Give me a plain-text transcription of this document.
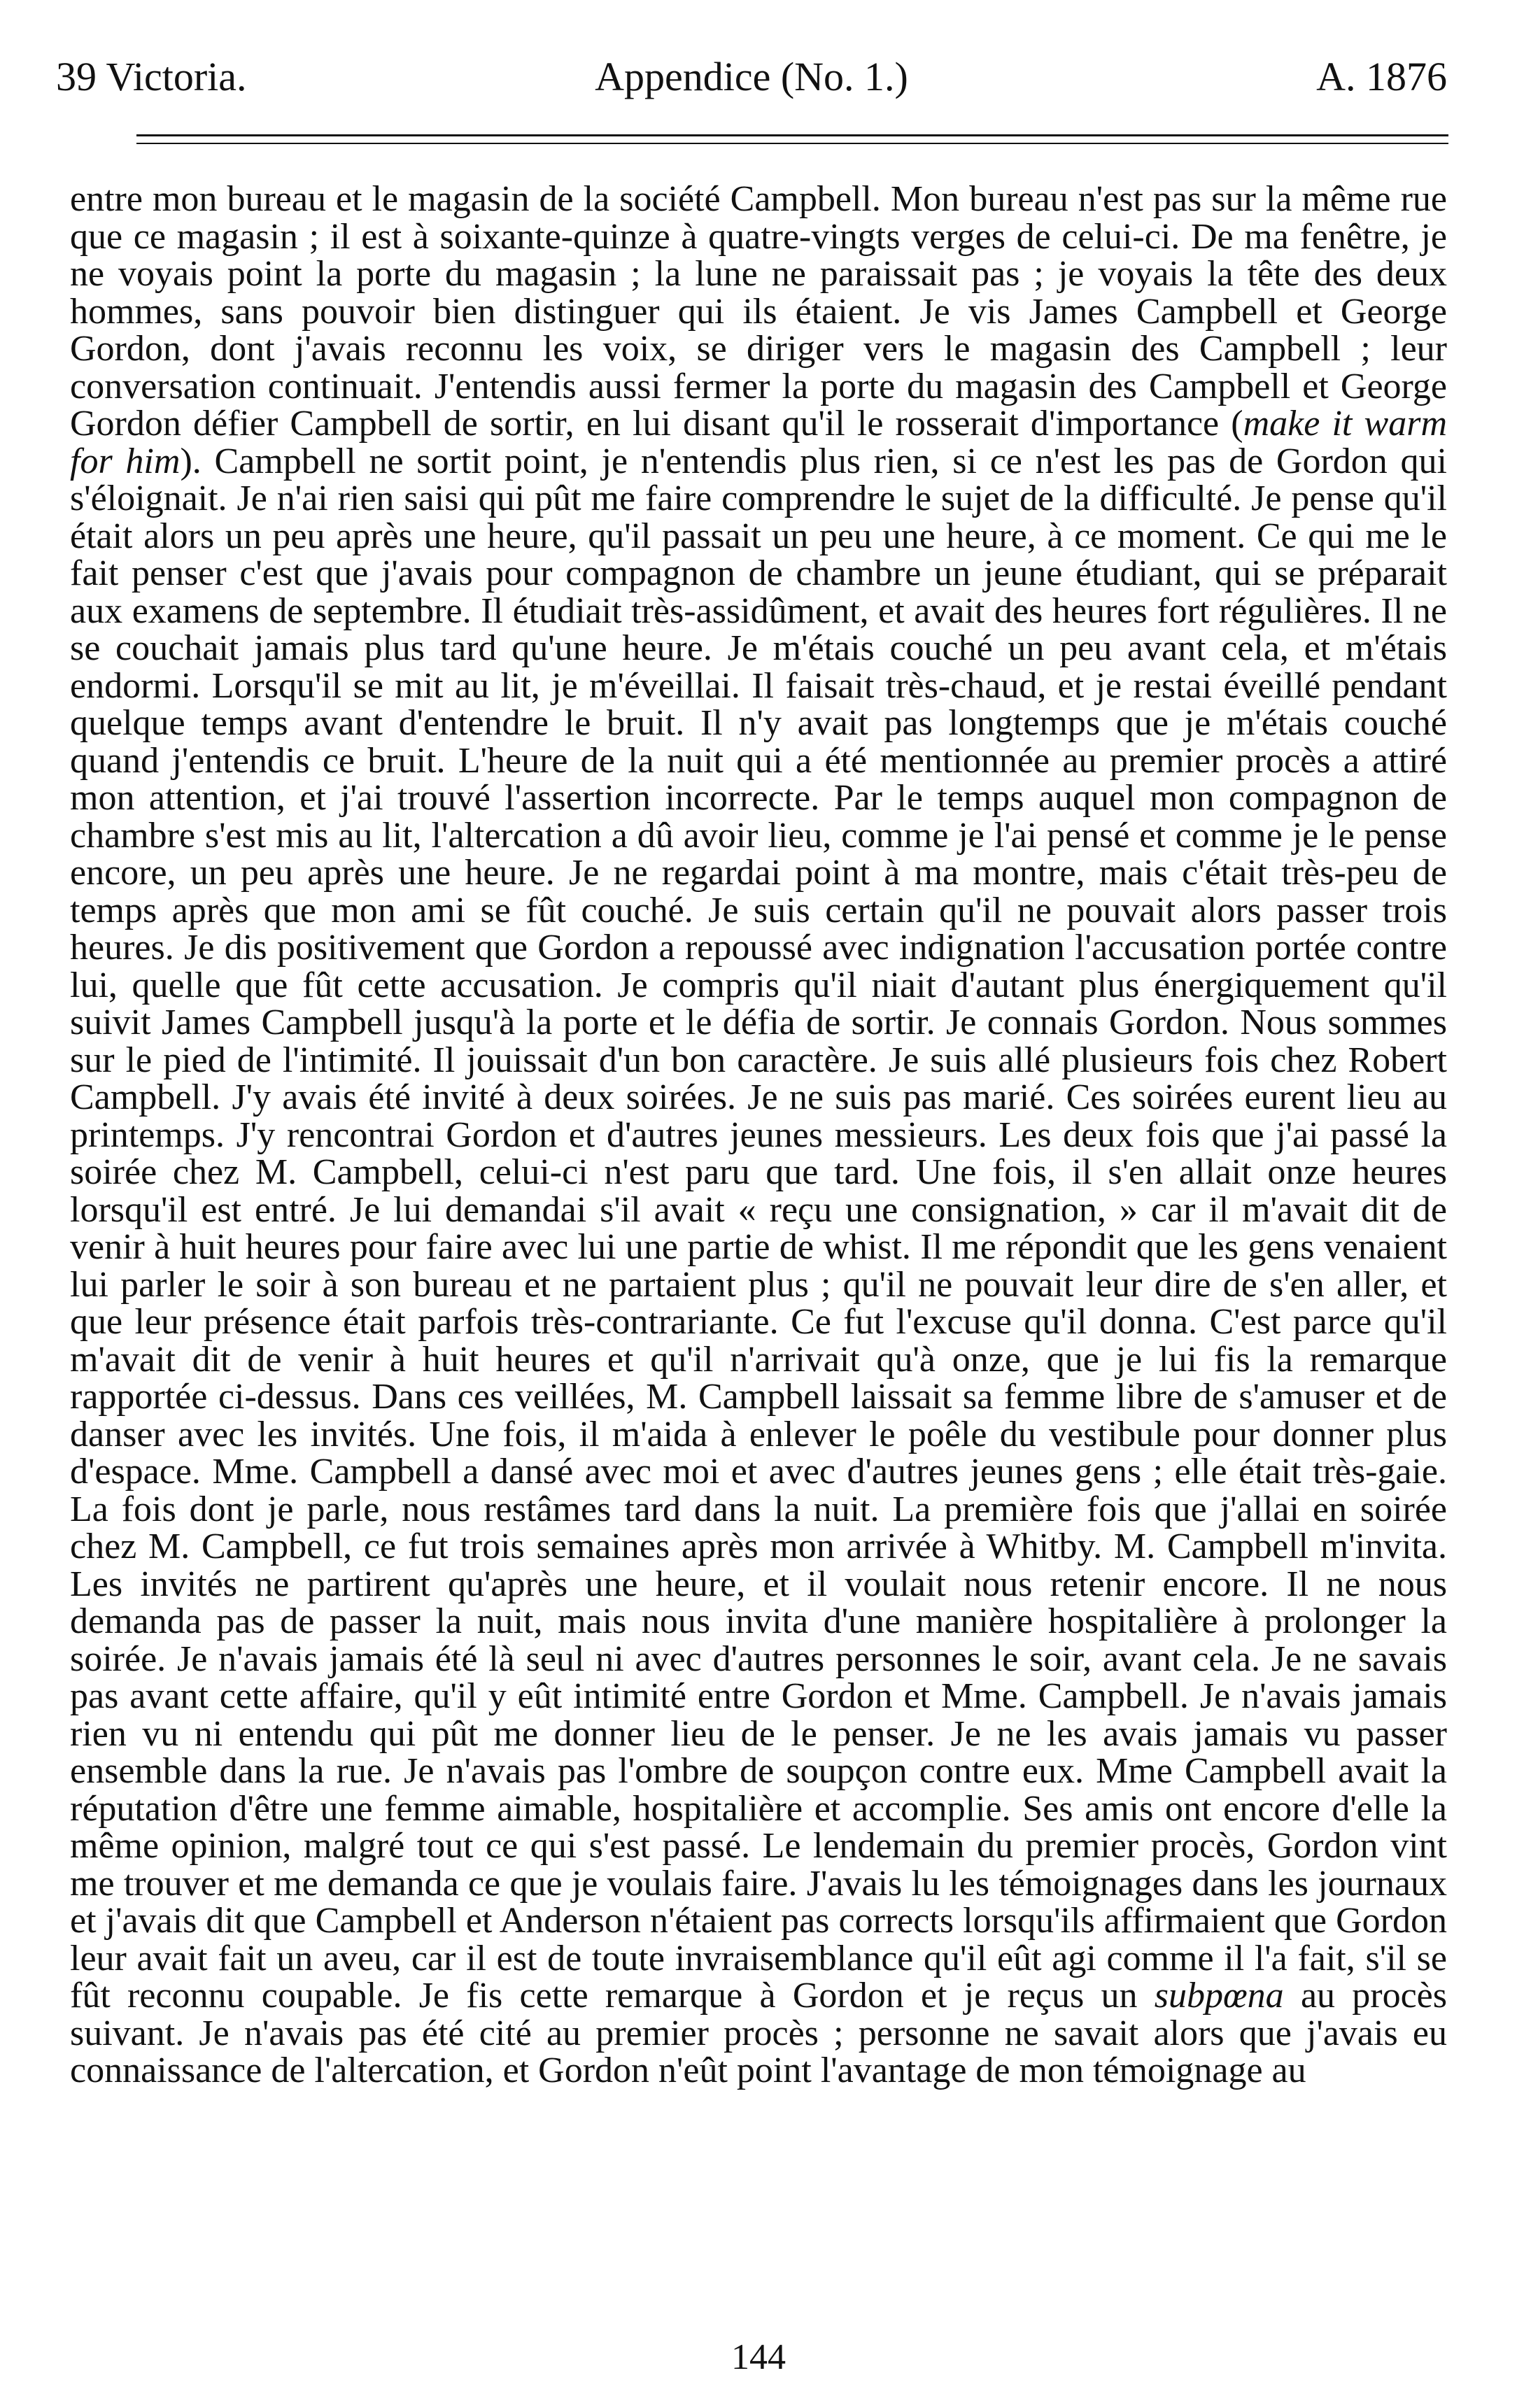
39 Victoria.	Appendice (No. 1.)	A. 1876

entre mon bureau et le magasin de la société Campbell. Mon bureau n'est pas sur la même rue que ce magasin ; il est à soixante-quinze à quatre-vingts verges de celui-ci. De ma fenêtre, je ne voyais point la porte du magasin ; la lune ne paraissait pas ; je voyais la tête des deux hommes, sans pouvoir bien distinguer qui ils étaient. Je vis James Campbell et George Gordon, dont j'avais reconnu les voix, se diriger vers le magasin des Campbell ; leur conversation continuait. J'entendis aussi fermer la porte du magasin des Campbell et George Gordon défier Campbell de sortir, en lui disant qu'il le rosserait d'importance (make it warm for him). Campbell ne sortit point, je n'entendis plus rien, si ce n'est les pas de Gordon qui s'éloignait. Je n'ai rien saisi qui pût me faire comprendre le sujet de la difficulté. Je pense qu'il était alors un peu après une heure, qu'il passait un peu une heure, à ce moment. Ce qui me le fait penser c'est que j'avais pour compagnon de chambre un jeune étudiant, qui se préparait aux examens de septembre. Il étudiait très-assidûment, et avait des heures fort régulières. Il ne se couchait jamais plus tard qu'une heure. Je m'étais couché un peu avant cela, et m'étais endormi. Lorsqu'il se mit au lit, je m'éveillai. Il faisait très-chaud, et je restai éveillé pendant quelque temps avant d'entendre le bruit. Il n'y avait pas longtemps que je m'étais couché quand j'entendis ce bruit. L'heure de la nuit qui a été mentionnée au premier procès a attiré mon attention, et j'ai trouvé l'assertion incorrecte. Par le temps auquel mon compagnon de chambre s'est mis au lit, l'altercation a dû avoir lieu, comme je l'ai pensé et comme je le pense encore, un peu après une heure. Je ne regardai point à ma montre, mais c'était très-peu de temps après que mon ami se fût couché. Je suis certain qu'il ne pouvait alors passer trois heures. Je dis positivement que Gordon a repoussé avec indignation l'accusation portée contre lui, quelle que fût cette accusation. Je compris qu'il niait d'autant plus énergiquement qu'il suivit James Campbell jusqu'à la porte et le défia de sortir. Je connais Gordon. Nous sommes sur le pied de l'intimité. Il jouissait d'un bon caractère. Je suis allé plusieurs fois chez Robert Campbell. J'y avais été invité à deux soirées. Je ne suis pas marié. Ces soirées eurent lieu au printemps. J'y rencontrai Gordon et d'autres jeunes messieurs. Les deux fois que j'ai passé la soirée chez M. Campbell, celui-ci n'est paru que tard. Une fois, il s'en allait onze heures lorsqu'il est entré. Je lui demandai s'il avait « reçu une consignation, » car il m'avait dit de venir à huit heures pour faire avec lui une partie de whist. Il me répondit que les gens venaient lui parler le soir à son bureau et ne partaient plus ; qu'il ne pouvait leur dire de s'en aller, et que leur présence était parfois très-contrariante. Ce fut l'excuse qu'il donna. C'est parce qu'il m'avait dit de venir à huit heures et qu'il n'arrivait qu'à onze, que je lui fis la remarque rapportée ci-dessus. Dans ces veillées, M. Campbell laissait sa femme libre de s'amuser et de danser avec les invités. Une fois, il m'aida à enlever le poêle du vestibule pour donner plus d'espace. Mme. Campbell a dansé avec moi et avec d'autres jeunes gens ; elle était très-gaie. La fois dont je parle, nous restâmes tard dans la nuit. La première fois que j'allai en soirée chez M. Campbell, ce fut trois semaines après mon arrivée à Whitby. M. Campbell m'invita. Les invités ne partirent qu'après une heure, et il voulait nous retenir encore. Il ne nous demanda pas de passer la nuit, mais nous invita d'une manière hospitalière à prolonger la soirée. Je n'avais jamais été là seul ni avec d'autres personnes le soir, avant cela. Je ne savais pas avant cette affaire, qu'il y eût intimité entre Gordon et Mme. Campbell. Je n'avais jamais rien vu ni entendu qui pût me donner lieu de le penser. Je ne les avais jamais vu passer ensemble dans la rue. Je n'avais pas l'ombre de soupçon contre eux. Mme Campbell avait la réputation d'être une femme aimable, hospitalière et accomplie. Ses amis ont encore d'elle la même opinion, malgré tout ce qui s'est passé. Le lendemain du premier procès, Gordon vint me trouver et me demanda ce que je voulais faire. J'avais lu les témoignages dans les journaux et j'avais dit que Campbell et Anderson n'étaient pas corrects lorsqu'ils affirmaient que Gordon leur avait fait un aveu, car il est de toute invraisemblance qu'il eût agi comme il l'a fait, s'il se fût reconnu coupable. Je fis cette remarque à Gordon et je reçus un subpœna au procès suivant. Je n'avais pas été cité au premier procès ; personne ne savait alors que j'avais eu connaissance de l'altercation, et Gordon n'eût point l'avantage de mon témoignage au

144
